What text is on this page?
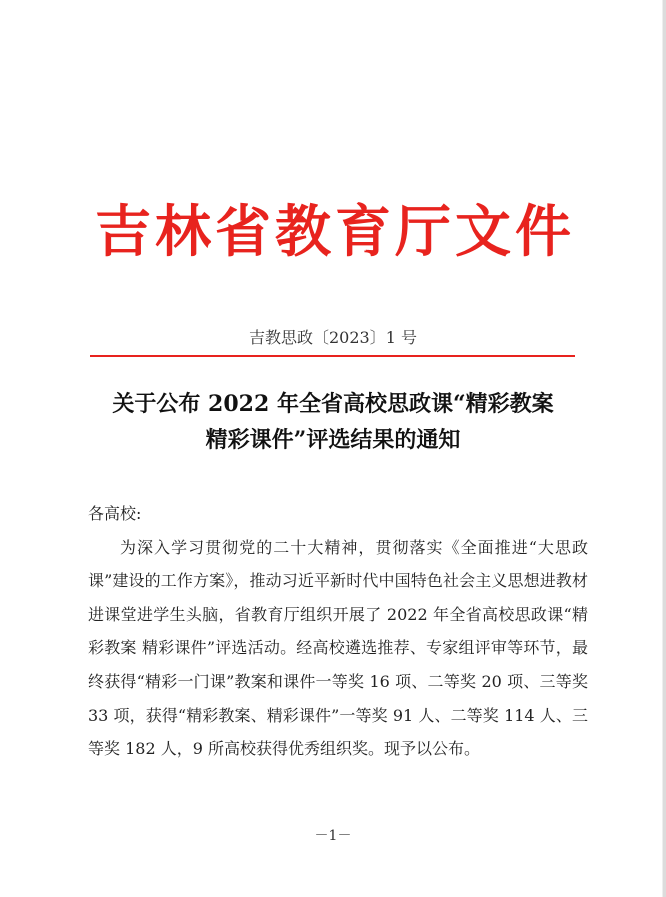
吉林省教育厅文件
吉教思政〔2023〕1 号
关于公布 2022 年全省高校思政课“精彩教案
精彩课件”评选结果的通知
各高校:
为深入学习贯彻党的二十大精神，贯彻落实《全面推进“大思政课”建设的工作方案》，推动习近平新时代中国特色社会主义思想进教材进课堂进学生头脑，省教育厅组织开展了 2022 年全省高校思政课“精彩教案 精彩课件”评选活动。经高校遴选推荐、专家组评审等环节，最终获得“精彩一门课”教案和课件一等奖 16 项、二等奖 20 项、三等奖 33 项，获得“精彩教案、精彩课件”一等奖 91 人、二等奖 114 人、三等奖 182 人，9 所高校获得优秀组织奖。现予以公布。
－1－
